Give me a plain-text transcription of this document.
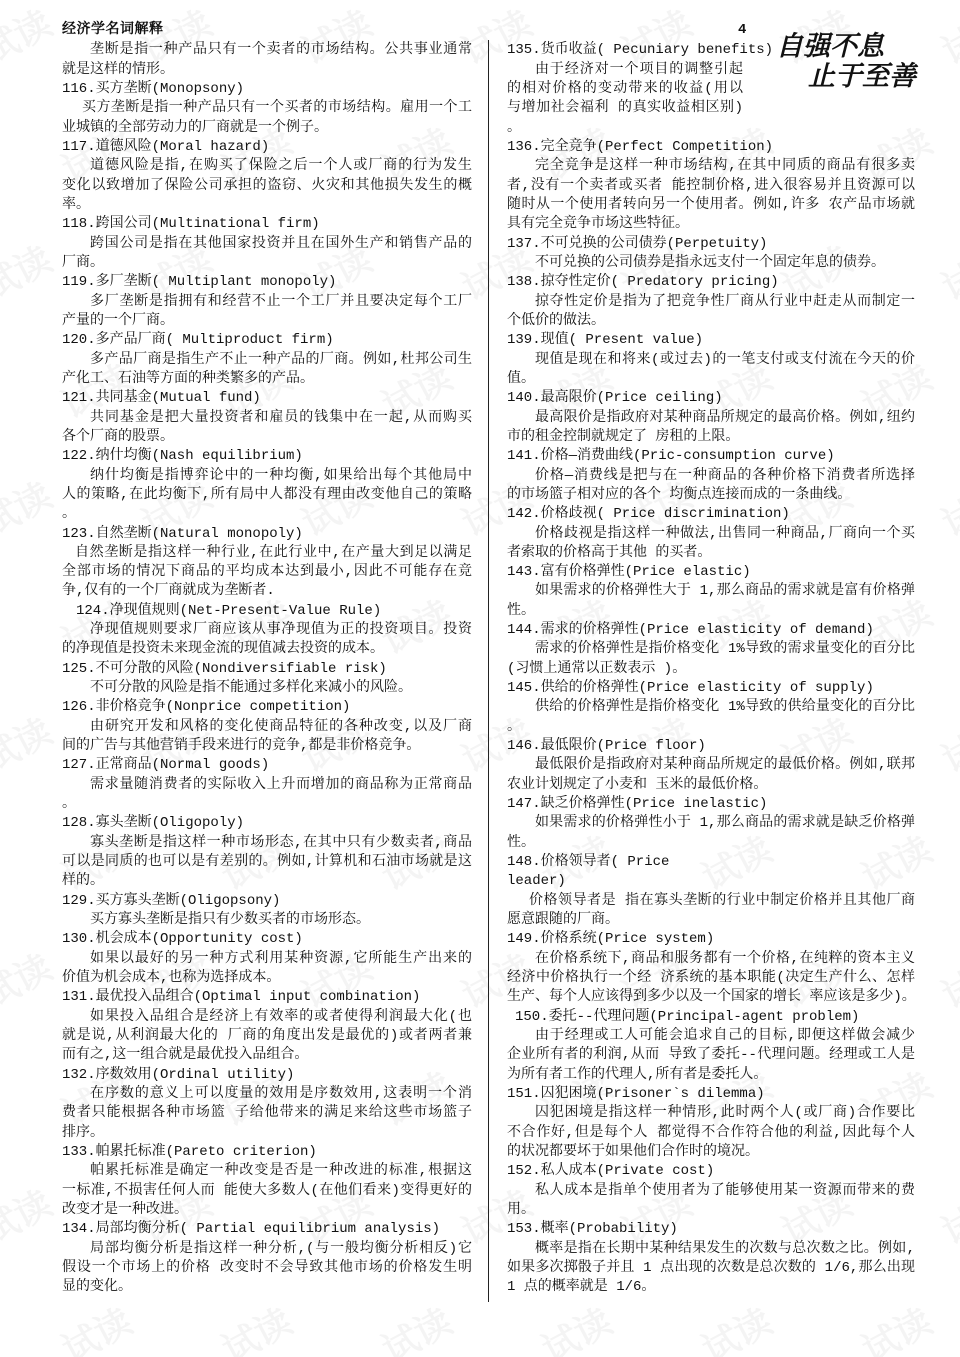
经济学名词解释	4
自强不息
止于至善
垄断是指一种产品只有一个卖者的市场结构。公共事业通常
就是这样的情形。
116.买方垄断(Monopsony)
买方垄断是指一种产品只有一个买者的市场结构。雇用一个工
业城镇的全部劳动力的厂商就是一个例子。
117.道德风险(Moral hazard)
道德风险是指,在购买了保险之后一个人或厂商的行为发生
变化以致增加了保险公司承担的盗窃、火灾和其他损失发生的概
率。
118.跨国公司(Multinational firm)
跨国公司是指在其他国家投资并且在国外生产和销售产品的
厂商。
119.多厂垄断( Multiplant monopoly)
多厂垄断是指拥有和经营不止一个工厂并且要决定每个工厂
产量的一个厂商。
120.多产品厂商( Multiproduct firm)
多产品厂商是指生产不止一种产品的厂商。例如,杜邦公司生
产化工、石油等方面的种类繁多的产品。
121.共同基金(Mutual fund)
共同基金是把大量投资者和雇员的钱集中在一起,从而购买
各个厂商的股票。
122.纳什均衡(Nash equilibrium)
纳什均衡是指博弈论中的一种均衡,如果给出每个其他局中
人的策略,在此均衡下,所有局中人都没有理由改变他自己的策略
。
123.自然垄断(Natural monopoly)
自然垄断是指这样一种行业,在此行业中,在产量大到足以满足
全部市场的情况下商品的平均成本达到最小,因此不可能存在竞
争,仅有的一个厂商就成为垄断者.
124.净现值规则(Net-Present-Value Rule)
净现值规则要求厂商应该从事净现值为正的投资项目。投资
的净现值是投资未来现金流的现值减去投资的成本。
125.不可分散的风险(Nondiversifiable risk)
不可分散的风险是指不能通过多样化来减小的风险。
126.非价格竞争(Nonprice competition)
由研究开发和风格的变化使商品特征的各种改变,以及厂商
间的广告与其他营销手段来进行的竞争,都是非价格竞争。
127.正常商品(Normal goods)
需求量随消费者的实际收入上升而增加的商品称为正常商品
。
128.寡头垄断(Oligopoly)
寡头垄断是指这样一种市场形态,在其中只有少数卖者,商品
可以是同质的也可以是有差别的。例如,计算机和石油市场就是这
样的。
129.买方寡头垄断(Oligopsony)
买方寡头垄断是指只有少数买者的市场形态。
130.机会成本(Opportunity cost)
如果以最好的另一种方式利用某种资源,它所能生产出来的
价值为机会成本,也称为选择成本。
131.最优投入品组合(Optimal input combination)
如果投入品组合是经济上有效率的或者使得利润最大化(也
就是说,从利润最大化的 厂商的角度出发是最优的)或者两者兼
而有之,这一组合就是最优投入品组合。
132.序数效用(Ordinal utility)
在序数的意义上可以度量的效用是序数效用,这表明一个消
费者只能根据各种市场篮 子给他带来的满足来给这些市场篮子
排序。
133.帕累托标准(Pareto criterion)
帕累托标准是确定一种改变是否是一种改进的标准,根据这
一标准,不损害任何人而 能使大多数人(在他们看来)变得更好的
改变才是一种改进。
134.局部均衡分析( Partial equilibrium analysis)
局部均衡分析是指这样一种分析,(与一般均衡分析相反)它
假设一个市场上的价格 改变时不会导致其他市场的价格发生明
显的变化。
135.货币收益( Pecuniary benefits)
由于经济对一个项目的调整引起
的相对价格的变动带来的收益(用以
与增加社会福利 的真实收益相区别)
。
136.完全竞争(Perfect Competition)
完全竞争是这样一种市场结构,在其中同质的商品有很多卖
者,没有一个卖者或买者 能控制价格,进入很容易并且资源可以
随时从一个使用者转向另一个使用者。例如,许多 农产品市场就
具有完全竞争市场这些特征。
137.不可兑换的公司债券(Perpetuity)
不可兑换的公司债券是指永远支付一个固定年息的债券。
138.掠夺性定价( Predatory pricing)
掠夺性定价是指为了把竞争性厂商从行业中赶走从而制定一
个低价的做法。
139.现值( Present value)
现值是现在和将来(或过去)的一笔支付或支付流在今天的价
值。
140.最高限价(Price ceiling)
最高限价是指政府对某种商品所规定的最高价格。例如,纽约
市的租金控制就规定了 房租的上限。
141.价格—消费曲线(Pric-consumption curve)
价格—消费线是把与在一种商品的各种价格下消费者所选择
的市场篮子相对应的各个 均衡点连接而成的一条曲线。
142.价格歧视( Price discrimination)
价格歧视是指这样一种做法,出售同一种商品,厂商向一个买
者索取的价格高于其他 的买者。
143.富有价格弹性(Price elastic)
如果需求的价格弹性大于 1,那么商品的需求就是富有价格弹
性。
144.需求的价格弹性(Price elasticity of demand)
需求的价格弹性是指价格变化 1%导致的需求量变化的百分比
(习惯上通常以正数表示 )。
145.供给的价格弹性(Price elasticity of supply)
供给的价格弹性是指价格变化 1%导致的供给量变化的百分比
。
146.最低限价(Price floor)
最低限价是指政府对某种商品所规定的最低价格。例如,联邦
农业计划规定了小麦和 玉米的最低价格。
147.缺乏价格弹性(Price inelastic)
如果需求的价格弹性小于 1,那么商品的需求就是缺乏价格弹
性。
148.价格领导者( Price
leader)
价格领导者是 指在寡头垄断的行业中制定价格并且其他厂商
愿意跟随的厂商。
149.价格系统(Price system)
在价格系统下,商品和服务都有一个价格,在纯粹的资本主义
经济中价格执行一个经 济系统的基本职能(决定生产什么、怎样
生产、每个人应该得到多少以及一个国家的增长 率应该是多少)。
150.委托--代理问题(Principal-agent problem)
由于经理或工人可能会追求自己的目标,即便这样做会减少
企业所有者的利润,从而 导致了委托--代理问题。经理或工人是
为所有者工作的代理人,所有者是委托人。
151.囚犯困境(Prisoner`s dilemma)
囚犯困境是指这样一种情形,此时两个人(或厂商)合作要比
不合作好,但是每个人 都觉得不合作符合他的利益,因此每个人
的状况都要坏于如果他们合作时的境况。
152.私人成本(Private cost)
私人成本是指单个使用者为了能够使用某一资源而带来的费
用。
153.概率(Probability)
概率是指在长期中某种结果发生的次数与总次数之比。例如,
如果多次掷骰子并且 1 点出现的次数是总次数的 1/6,那么出现
1 点的概率就是 1/6。
